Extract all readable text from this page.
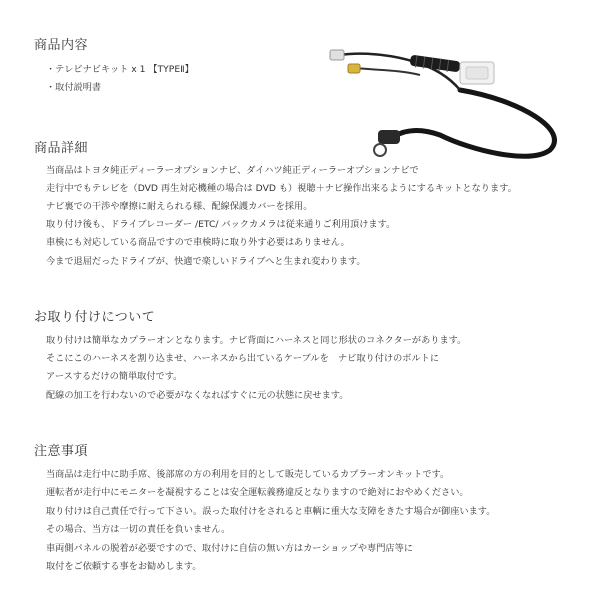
商品内容
・テレビナビキット x 1 【TYPEⅡ】
・取付説明書
商品詳細
当商品はトヨタ純正ディーラーオプションナビ、ダイハツ純正ディーラーオプションナビで
走行中でもテレビを（DVD 再生対応機種の場合は DVD も）視聴＋ナビ操作出来るようにするキットとなります。
ナビ裏での干渉や摩擦に耐えられる様、配線保護カバーを採用。
取り付け後も、ドライブレコーダー /ETC/ バックカメラは従来通りご利用頂けます。
車検にも対応している商品ですので車検時に取り外す必要はありません。
今まで退屈だったドライブが、快適で楽しいドライブへと生まれ変わります。
お取り付けについて
取り付けは簡単なカプラーオンとなります。ナビ背面にハーネスと同じ形状のコネクターがあります。
そこにこのハーネスを割り込ませ、ハーネスから出ているケーブルを　ナビ取り付けのボルトに
アースするだけの簡単取付です。
配線の加工を行わないので必要がなくなればすぐに元の状態に戻せます。
注意事項
当商品は走行中に助手席、後部席の方の利用を目的として販売しているカプラーオンキットです。
運転者が走行中にモニターを凝視することは安全運転義務違反となりますので絶対におやめください。
取り付けは自己責任で行って下さい。誤った取付けをされると車輌に重大な支障をきたす場合が御座います。
その場合、当方は一切の責任を負いません。
車両側パネルの脱着が必要ですので、取付けに自信の無い方はカーショップや専門店等に
取付をご依頼する事をお勧めします。
